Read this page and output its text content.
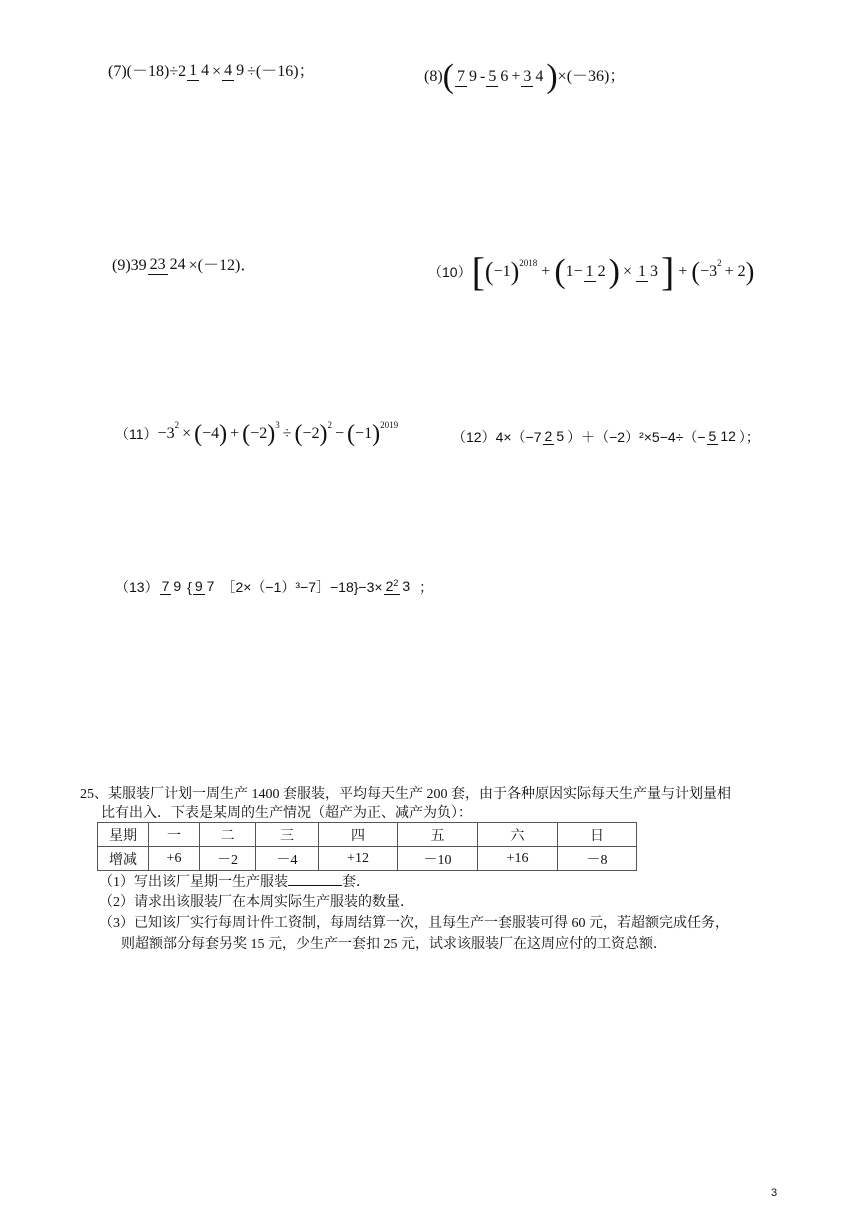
(7) (－18)÷2 1 4 × 4 9 ÷(－16)；	(8) ( 7 9 - 5 6 + 3 4 ) ×(－36)；
(9)39 23 24 ×(－12)．	（10） [ ( −1 ) 2018
+ ( 1− 1 2 ) × 1 3 ] + ( −3
2
+ 2 )
（11） −3
2
× ( −4 ) + ( −2 ) 3
÷ ( −2 ) 2
− ( −1 ) 2019
（12） 4×（−7 2 5 ）＋（−2）²×5−4÷（− 5 12 ）；
（13） 7 9 { 9 7 ［2×（−1）³−7］−18}−3× 22 3 ；
25、某服装厂计划一周生产 1400 套服装，平均每天生产 200 套，由于各种原因实际每天生产量与计划量相
比有出入．下表是某周的生产情况（超产为正、减产为负）：
星期	一	二	三	四	五	六	日
增减	+6	－2	－4	+12	－10	+16	－8
（1）写出该厂星期一生产服装	套．
（2）请求出该服装厂在本周实际生产服装的数量．
（3）已知该厂实行每周计件工资制，每周结算一次，且每生产一套服装可得 60 元，若超额完成任务，
则超额部分每套另奖 15 元，少生产一套扣 25 元，试求该服装厂在这周应付的工资总额．
3
